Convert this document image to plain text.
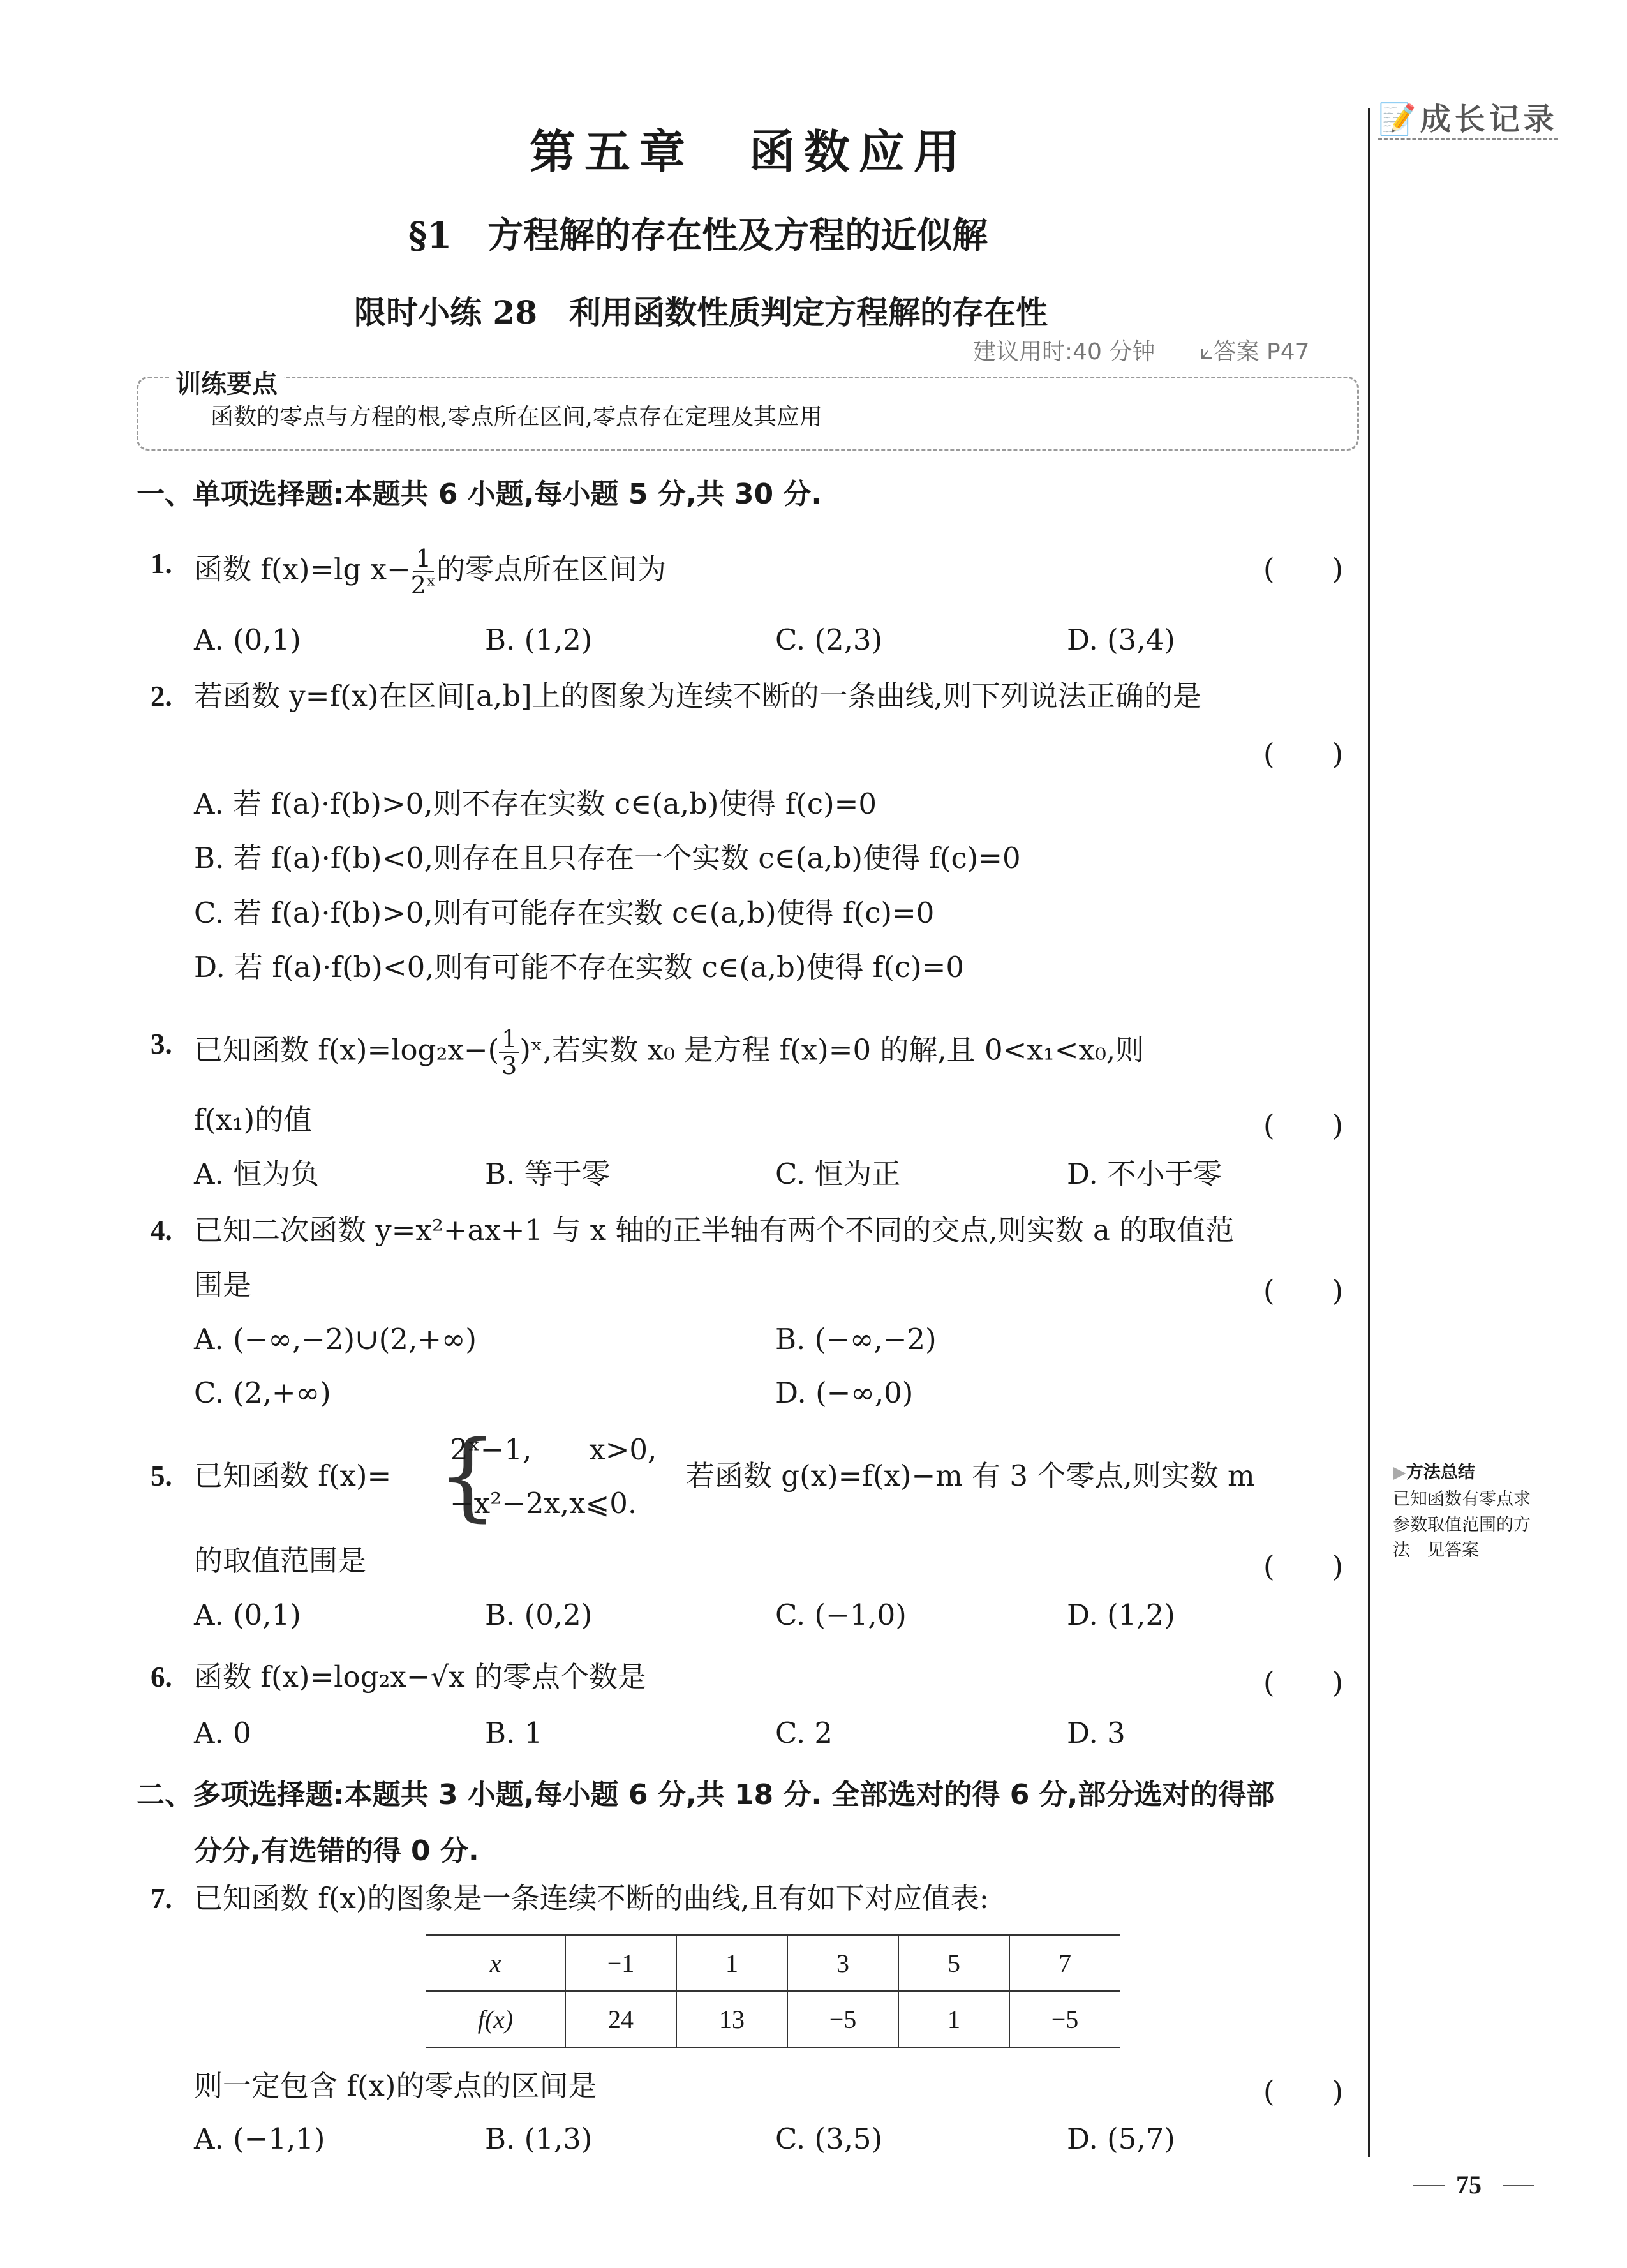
📝成长记录
第五章　函数应用
§1　方程解的存在性及方程的近似解
限时小练 28　利用函数性质判定方程解的存在性
建议用时:40 分钟 ⟀答案 P47
训练要点
函数的零点与方程的根,零点所在区间,零点存在定理及其应用
一、单项选择题:本题共 6 小题,每小题 5 分,共 30 分.
1. 函数 f(x)=lg $x- \frac{1}{\text{2ˣ}}$ 的零点所在区间为	(　　)
A. (0,1)	B. (1,2)	C. (2,3)	D. (3,4)
2. 若函数 y=f(x)在区间[a,b]上的图象为连续不断的一条曲线,则下列说法正确的是
(　　)
A. 若 f(a)·f(b)>0,则不存在实数 c∈(a,b)使得 f(c)=0
B. 若 f(a)·f(b)<0,则存在且只存在一个实数 c∈(a,b)使得 f(c)=0
C. 若 f(a)·f(b)>0,则有可能存在实数 c∈(a,b)使得 f(c)=0
D. 若 f(a)·f(b)<0,则有可能不存在实数 c∈(a,b)使得 f(c)=0
3. 已知函数 $f(x)=\log_2x-( \frac{1}{3}$ )ˣ,若实数 x₀ 是方程 f(x)=0 的解,且 0<x₁<x₀,则
f(x₁)的值	(　　)
A. 恒为负	B. 等于零	C. 恒为正	D. 不小于零
4. 已知二次函数 y=x²+ax+1 与 x 轴的正半轴有两个不同的交点,则实数 a 的取值范
围是	(　　)
A. (−∞,−2)∪(2,+∞)	B. (−∞,−2)
C. (2,+∞)	D. (−∞,0)
5. 已知函数 f(x)= {
2ˣ−1,　　x>0,
−x²−2x,x⩽0.
若函数 g(x)=f(x)−m 有 3 个零点,则实数 m
的取值范围是	(　　)
A. (0,1)	B. (0,2)	C. (−1,0)	D. (1,2)
6. 函数 f(x)=log₂x−√x 的零点个数是	(　　)
A. 0	B. 1	C. 2	D. 3
二、多项选择题:本题共 3 小题,每小题 6 分,共 18 分. 全部选对的得 6 分,部分选对的得部
分分,有选错的得 0 分.
7. 已知函数 f(x)的图象是一条连续不断的曲线,且有如下对应值表:
x	−1	1	3	5	7
f(x)	24	13	−5	1	−5
则一定包含 f(x)的零点的区间是	(　　)
A. (−1,1)	B. (1,3)	C. (3,5)	D. (5,7)
▶方法总结
已知函数有零点求
参数取值范围的方
法　见答案
75
